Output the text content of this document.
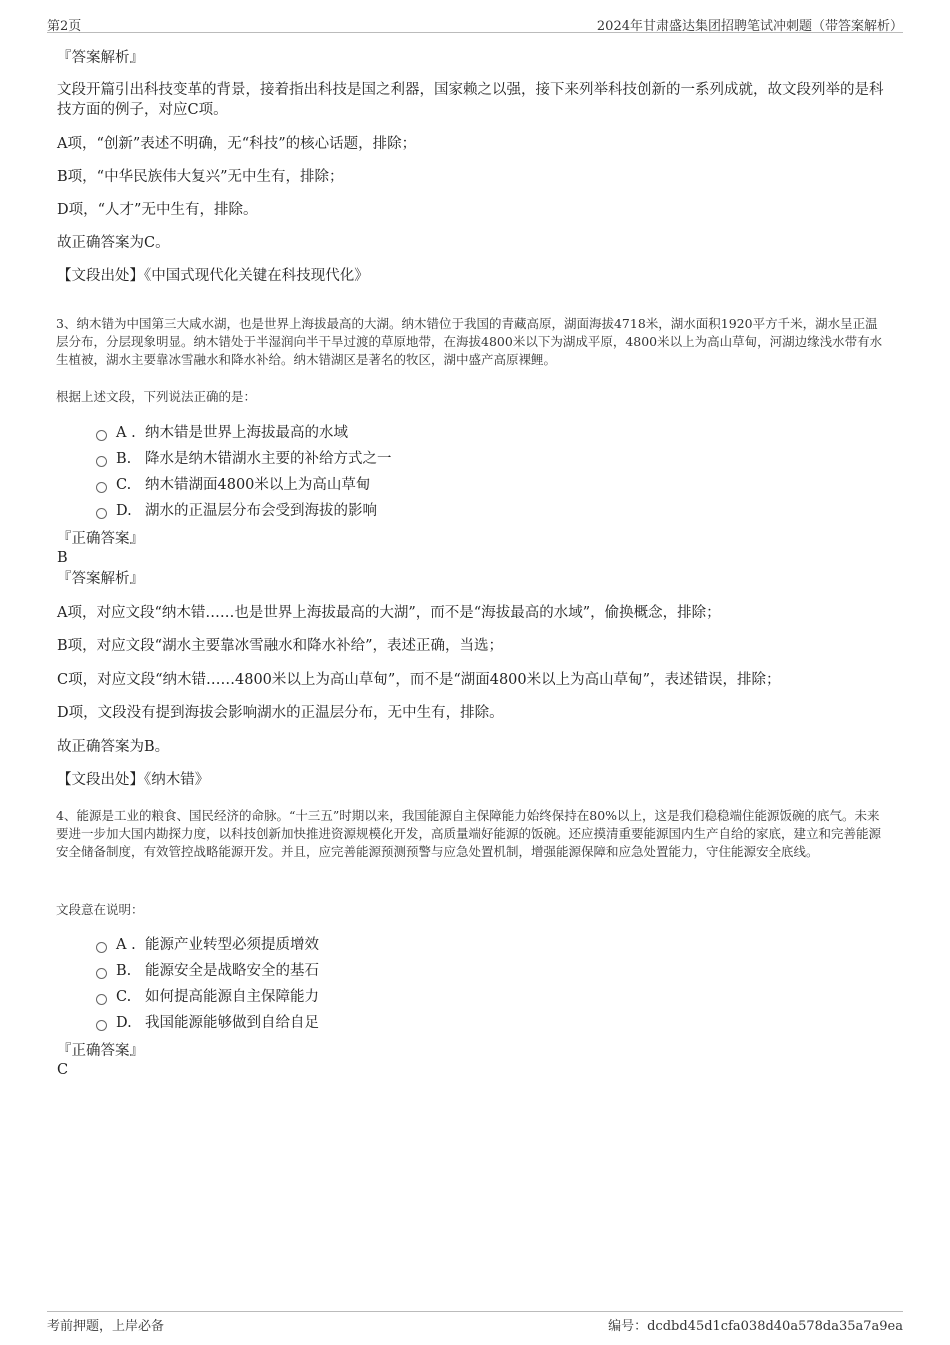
第2页	2024年甘肃盛达集团招聘笔试冲刺题（带答案解析）
『答案解析』
文段开篇引出科技变革的背景，接着指出科技是国之利器，国家赖之以强，接下来列举科技创新的一系列成就，故文段列举的是科技方面的例子，对应C项。
A项，“创新”表述不明确，无“科技”的核心话题，排除；
B项，“中华民族伟大复兴”无中生有，排除；
D项，“人才”无中生有，排除。
故正确答案为C。
【文段出处】《中国式现代化关键在科技现代化》
3、纳木错为中国第三大咸水湖，也是世界上海拔最高的大湖。纳木错位于我国的青藏高原，湖面海拔4718米，湖水面积1920平方千米，湖水呈正温层分布，分层现象明显。纳木错处于半湿润向半干旱过渡的草原地带，在海拔4800米以下为湖成平原，4800米以上为高山草甸，河湖边缘浅水带有水生植被，湖水主要靠冰雪融水和降水补给。纳木错湖区是著名的牧区，湖中盛产高原裸鲤。
根据上述文段，下列说法正确的是：
A . 纳木错是世界上海拔最高的水域
B. 降水是纳木错湖水主要的补给方式之一
C. 纳木错湖面4800米以上为高山草甸
D. 湖水的正温层分布会受到海拔的影响
『正确答案』
B
『答案解析』
A项，对应文段“纳木错……也是世界上海拔最高的大湖”，而不是“海拔最高的水域”，偷换概念，排除；
B项，对应文段“湖水主要靠冰雪融水和降水补给”，表述正确，当选；
C项，对应文段“纳木错……4800米以上为高山草甸”，而不是“湖面4800米以上为高山草甸”，表述错误，排除；
D项，文段没有提到海拔会影响湖水的正温层分布，无中生有，排除。
故正确答案为B。
【文段出处】《纳木错》
4、能源是工业的粮食、国民经济的命脉。“十三五”时期以来，我国能源自主保障能力始终保持在80%以上，这是我们稳稳端住能源饭碗的底气。未来要进一步加大国内勘探力度，以科技创新加快推进资源规模化开发，高质量端好能源的饭碗。还应摸清重要能源国内生产自给的家底，建立和完善能源安全储备制度，有效管控战略能源开发。并且，应完善能源预测预警与应急处置机制，增强能源保障和应急处置能力，守住能源安全底线。
文段意在说明：
A . 能源产业转型必须提质增效
B. 能源安全是战略安全的基石
C. 如何提高能源自主保障能力
D. 我国能源能够做到自给自足
『正确答案』
C
考前押题，上岸必备	编号：dcdbd45d1cfa038d40a578da35a7a9ea
